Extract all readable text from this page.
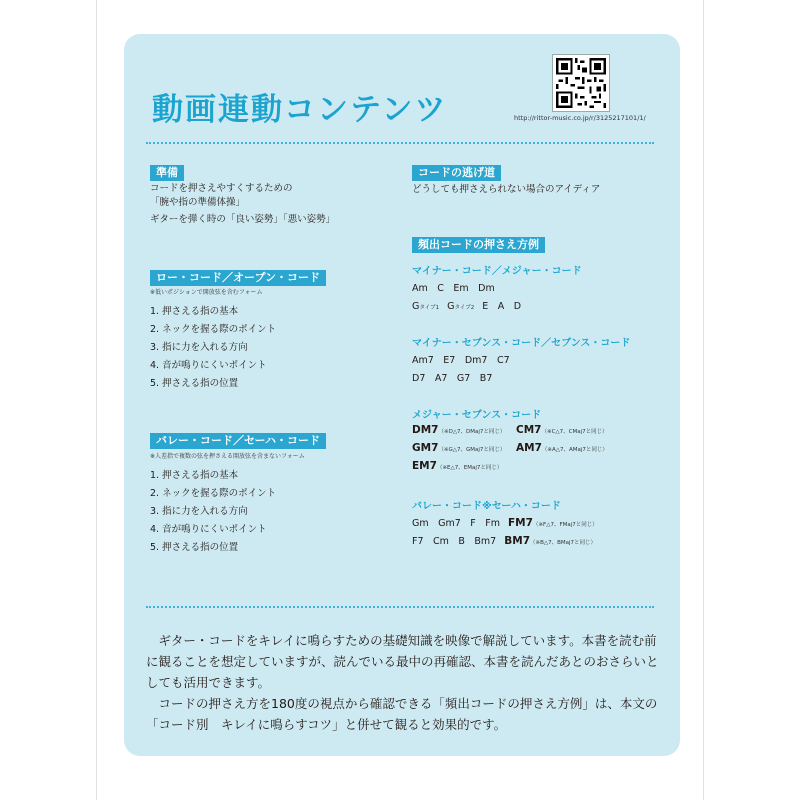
動画連動コンテンツ	http://rittor-music.co.jp/r/3125217101/1/
準備
コードを押さえやすくするための
「腕や指の準備体操」
ギターを弾く時の「良い姿勢」「悪い姿勢」
ロー・コード／オープン・コード
※低いポジションで開放弦を含むフォーム
1. 押さえる指の基本
2. ネックを握る際のポイント
3. 指に力を入れる方向
4. 音が鳴りにくいポイント
5. 押さえる指の位置
バレー・コード／セーハ・コード
※人差指で複数の弦を押さえる開放弦を含まないフォーム
1. 押さえる指の基本
2. ネックを握る際のポイント
3. 指に力を入れる方向
4. 音が鳴りにくいポイント
5. 押さえる指の位置
コードの逃げ道
どうしても押さえられない場合のアイディア
頻出コードの押さえ方例
マイナー・コード／メジャー・コード
Am　C　Em　Dm
Gタイプ1 Gタイプ2 E　A　D
マイナー・セブンス・コード／セブンス・コード
Am7　E7　Dm7　C7
D7　A7　G7　B7
メジャー・セブンス・コード
DM7（※D△7、DMaj7と同じ） CM7（※C△7、CMaj7と同じ）
GM7（※G△7、GMaj7と同じ） AM7（※A△7、AMaj7と同じ）
EM7（※E△7、EMaj7と同じ）
バレー・コード※セーハ・コード
Gm　Gm7　F　Fm FM7（※F△7、FMaj7と同じ）
F7　Cm　B　Bm7 BM7（※B△7、BMaj7と同じ）

　ギター・コードをキレイに鳴らすための基礎知識を映像で解説しています。本書を読む前

に観ることを想定していますが、読んでいる最中の再確認、本書を読んだあとのおさらいと

しても活用できます。

　コードの押さえ方を180度の視点から確認できる「頻出コードの押さえ方例」は、本文の

「コード別　キレイに鳴らすコツ」と併せて観ると効果的です。
